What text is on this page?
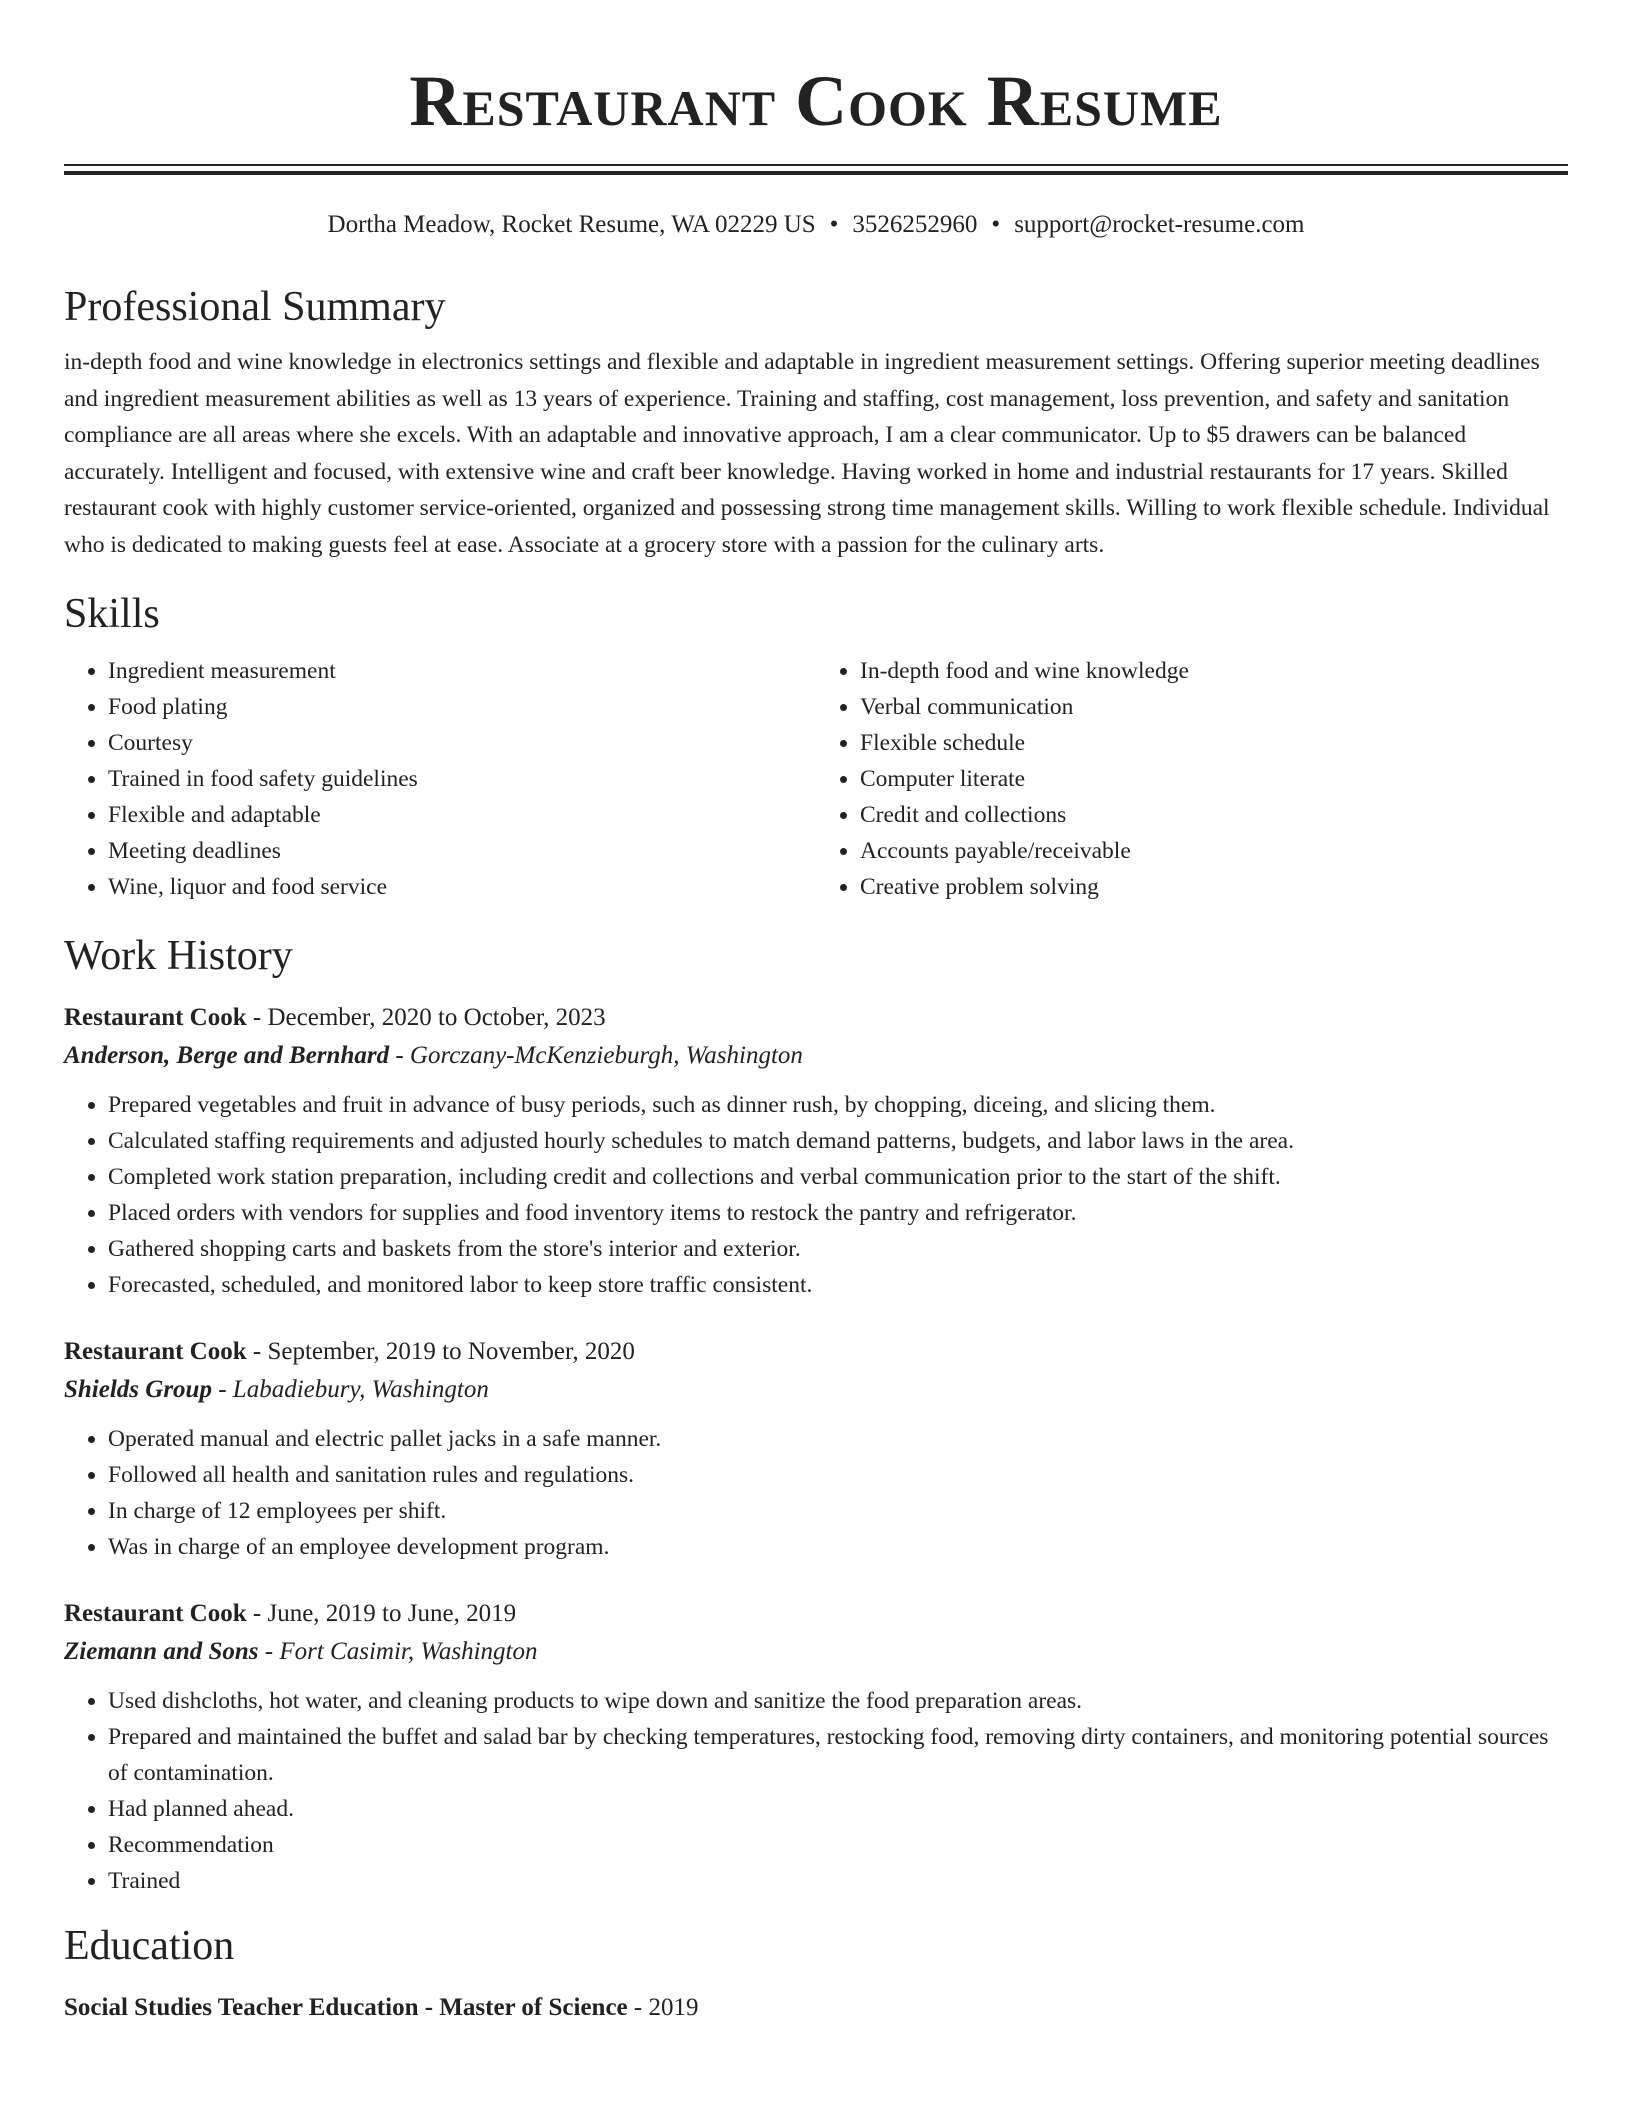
Restaurant Cook Resume
Dortha Meadow, Rocket Resume, WA 02229 US • 3526252960 • support@rocket-resume.com
Professional Summary

in-depth food and wine knowledge in electronics settings and flexible and adaptable in ingredient measurement settings. Offering superior meeting deadlines and ingredient measurement abilities as well as 13 years of experience. Training and staffing, cost management, loss prevention, and safety and sanitation compliance are all areas where she excels. With an adaptable and innovative approach, I am a clear communicator. Up to $5 drawers can be balanced accurately. Intelligent and focused, with extensive wine and craft beer knowledge. Having worked in home and industrial restaurants for 17 years. Skilled restaurant cook with highly customer service-oriented, organized and possessing strong time management skills. Willing to work flexible schedule. Individual who is dedicated to making guests feel at ease. Associate at a grocery store with a passion for the culinary arts.

Skills
• Ingredient measurement
• Food plating
• Courtesy
• Trained in food safety guidelines
• Flexible and adaptable
• Meeting deadlines
• Wine, liquor and food service
• In-depth food and wine knowledge
• Verbal communication
• Flexible schedule
• Computer literate
• Credit and collections
• Accounts payable/receivable
• Creative problem solving
Work History
Restaurant Cook - December, 2020 to October, 2023
Anderson, Berge and Bernhard - Gorczany-McKenzieburgh, Washington
• Prepared vegetables and fruit in advance of busy periods, such as dinner rush, by chopping, diceing, and slicing them.
• Calculated staffing requirements and adjusted hourly schedules to match demand patterns, budgets, and labor laws in the area.
• Completed work station preparation, including credit and collections and verbal communication prior to the start of the shift.
• Placed orders with vendors for supplies and food inventory items to restock the pantry and refrigerator.
• Gathered shopping carts and baskets from the store's interior and exterior.
• Forecasted, scheduled, and monitored labor to keep store traffic consistent.
Restaurant Cook - September, 2019 to November, 2020
Shields Group - Labadiebury, Washington
• Operated manual and electric pallet jacks in a safe manner.
• Followed all health and sanitation rules and regulations.
• In charge of 12 employees per shift.
• Was in charge of an employee development program.
Restaurant Cook - June, 2019 to June, 2019
Ziemann and Sons - Fort Casimir, Washington
• Used dishcloths, hot water, and cleaning products to wipe down and sanitize the food preparation areas.
• Prepared and maintained the buffet and salad bar by checking temperatures, restocking food, removing dirty containers, and monitoring potential sources of contamination.
• Had planned ahead.
• Recommendation
• Trained
Education
Social Studies Teacher Education - Master of Science - 2019
